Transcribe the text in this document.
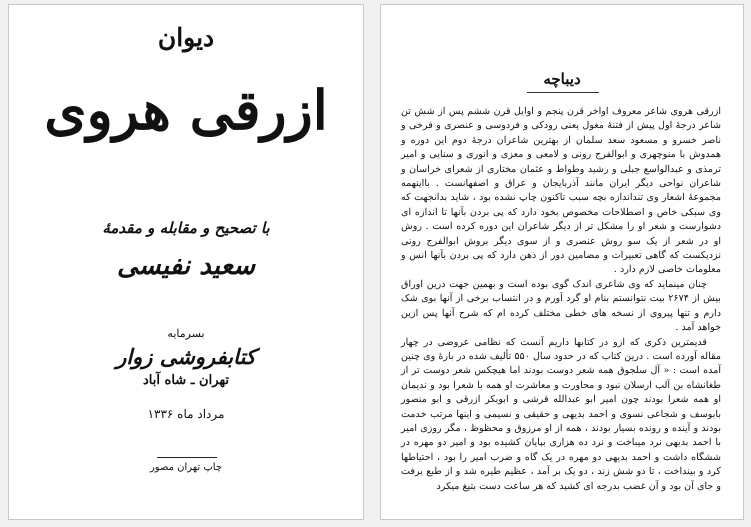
دیوان
ازرقی هروی
با تصحیح و مقابله و مقدمهٔ
سعید نفیسی
بسرمایه
کتابفروشی زوار
تهران ـ شاه آباد
مرداد ماه ۱۳۳۶
چاپ تهران مصور
دیباچه

ازرقی هروی شاعر معروف اواخر قرن پنجم و اوایل قرن ششم پس از شش تن شاعر درجهٔ اول پیش از فتنهٔ مغول یعنی رودکی و فردوسی و عنصری و فرخی و ناصر خسرو و مسعود سعد سلمان از بهترین شاعران درجهٔ دوم این دوره و همدوش با منوچهری و ابوالفرج رونی و لامعی و معزی و انوری و سنایی و امیر ترمذی و عبدالواسع جبلی و رشید وطواط و عثمان مختاری از شعرای خراسان و شاعران نواحی دیگر ایران مانند آذربایجان و عراق و اصفهانست . بااینهمه مجموعهٔ اشعار وی تنداندازه بچه سبب تاکنون چاپ نشده بود ، شاید بدانجهت که وی سبکی خاص و اصطلاحات مخصوص بخود دارد که پی بردن بآنها تا اندازه ای دشوارست و شعر او را مشکل تر از دیگر شاعران این دوره کرده است . روش او در شعر از یک سو روش عنصری و از سوی دیگر بروش ابوالفرج رونی نزدیکست که گاهی تعبیرات و مضامین دور از ذهن دارد که پی بردن بآنها انس و معلومات خاصی لازم دارد .

چنان مینماید که وی شاعری اندک گوی بوده است و بهمین جهت درین اوراق بیش از ۲۶۷۴ بیت نتوانستم بنام او گرد آورم و در انتساب برخی از آنها بوی شک دارم و تنها پیروی از نسخه های خطی مختلف کرده ام که شرح آنها پس ازین خواهد آمد .

قدیمترین ذکری که ازو در کتابها داریم آنست که نظامی عروضی در چهار مقاله آورده است . درین کتاب که در حدود سال ۵۵۰ تألیف شده در بارهٔ وی چنین آمده است : « آل سلجوق همه شعر دوست بودند اما هیچکس شعر دوست تر از طغانشاه بن آلب ارسلان نبود و محاورت و معاشرت او همه با شعرا بود و ندیمان او همه شعرا بودند چون امیر ابو عبدالله قرشی و ابوبکر ازرقی و ابو منصور بابوسف و شجاعی نسوی و احمد بدیهی و حقیقی و نسیمی و اینها مرتب خدمت بودند و آینده و رونده بسیار بودند ، همه از او مرزوق و محظوظ ، مگر روزی امیر با احمد بدیهی نرد میباخت و نرد ده هزاری بپایان کشیده بود و امیر دو مهره در ششگاه داشت و احمد بدیهی دو مهره در یک گاه و ضرب امیر را بود ، احتیاطها کرد و بینداخت ، تا دو شش زند ، دو یک بر آمد ، عظیم طیره شد و از طبع برفت و جای آن بود و آن غضب بدرجه ای کشید که هر ساعت دست بتیغ میکرد
